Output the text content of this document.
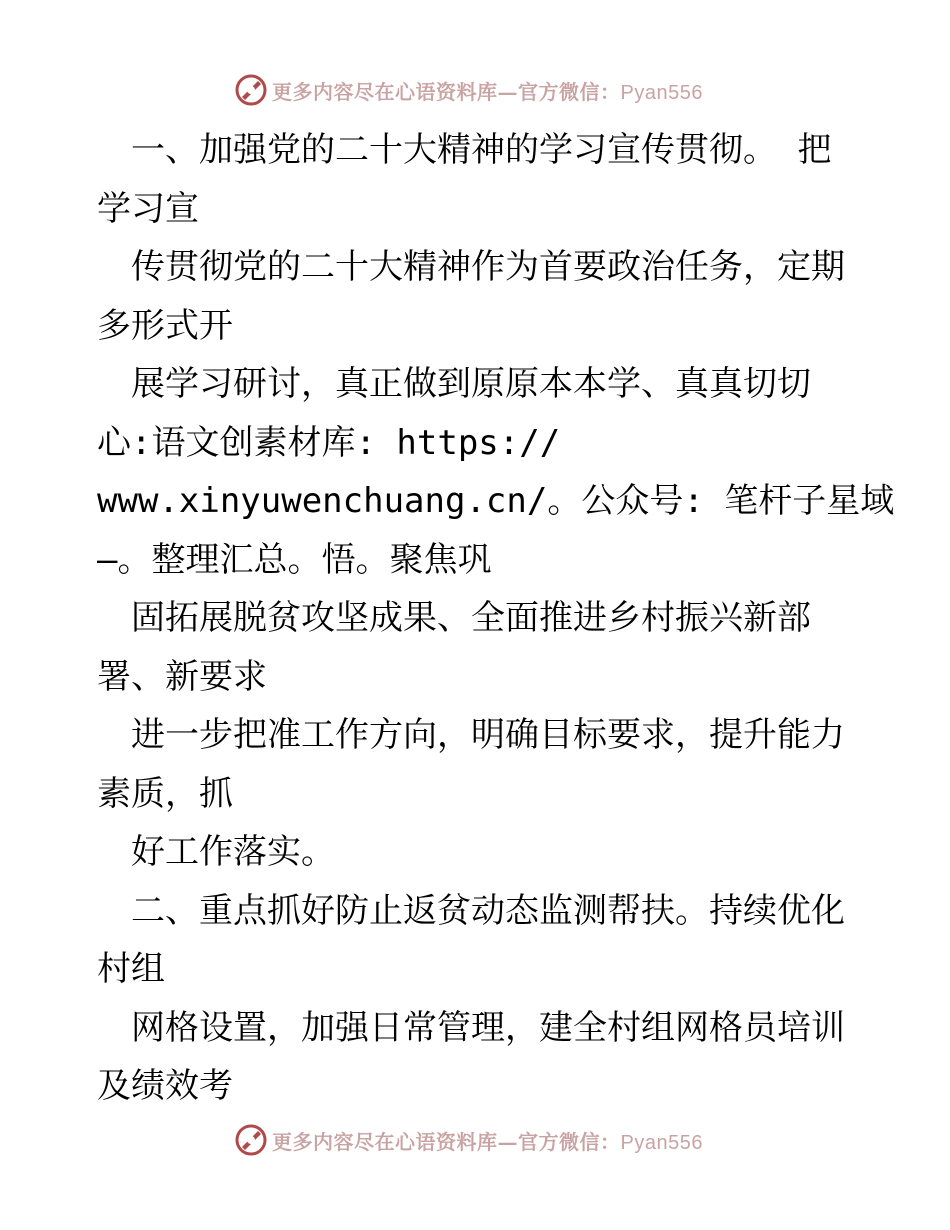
更多内容尽在心语资料库—官方微信：Pyan556
　一、加强党的二十大精神的学习宣传贯彻。 把
学习宣
　传贯彻党的二十大精神作为首要政治任务，定期
多形式开
　展学习研讨，真正做到原原本本学、真真切切
心:语文创素材库: https://
www.xinyuwenchuang.cn/。公众号: 笔杆子星域
—。整理汇总。悟。聚焦巩
　固拓展脱贫攻坚成果、全面推进乡村振兴新部
署、新要求
　进一步把准工作方向，明确目标要求，提升能力
素质，抓
　好工作落实。
　二、重点抓好防止返贫动态监测帮扶。持续优化
村组
　网格设置，加强日常管理，建全村组网格员培训
及绩效考
更多内容尽在心语资料库—官方微信：Pyan556
